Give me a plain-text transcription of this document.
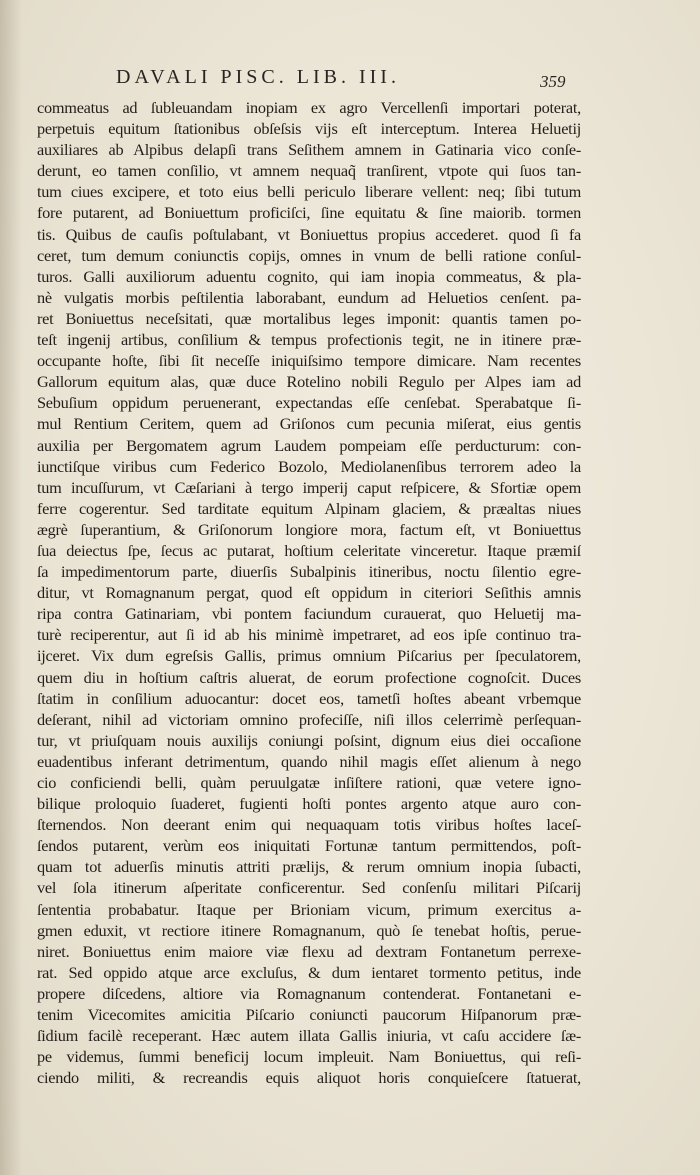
DAVALI PISC. LIB. III.	359
commeatus ad ſubleuandam inopiam ex agro Vercellenſi importari poterat,
perpetuis equitum ſtationibus obſeſsis vijs eſt interceptum. Interea Heluetij
auxiliares ab Alpibus delapſi trans Seſithem amnem in Gatinaria vico conſe-
derunt, eo tamen conſilio, vt amnem nequaq̃ tranſirent, vtpote qui ſuos tan-
tum ciues excipere, et toto eius belli periculo liberare vellent: neq; ſibi tutum
fore putarent, ad Boniuettum proficiſci, ſine equitatu & ſine maiorib. tormen
tis. Quibus de cauſis poſtulabant, vt Boniuettus propius accederet. quod ſi fa
ceret, tum demum coniunctis copijs, omnes in vnum de belli ratione conſul-
turos. Galli auxiliorum aduentu cognito, qui iam inopia commeatus, & pla-
nè vulgatis morbis peſtilentia laborabant, eundum ad Heluetios cenſent. pa-
ret Boniuettus neceſsitati, quæ mortalibus leges imponit: quantis tamen po-
teſt ingenij artibus, conſilium & tempus profectionis tegit, ne in itinere præ-
occupante hoſte, ſibi ſit neceſſe iniquiſsimo tempore dimicare. Nam recentes
Gallorum equitum alas, quæ duce Rotelino nobili Regulo per Alpes iam ad
Sebuſium oppidum peruenerant, expectandas eſſe cenſebat. Sperabatque ſi-
mul Rentium Ceritem, quem ad Griſonos cum pecunia miſerat, eius gentis
auxilia per Bergomatem agrum Laudem pompeiam eſſe perducturum: con-
iunctiſque viribus cum Federico Bozolo, Mediolanenſibus terrorem adeo la
tum incuſſurum, vt Cæſariani à tergo imperij caput reſpicere, & Sfortiæ opem
ferre cogerentur. Sed tarditate equitum Alpinam glaciem, & præaltas niues
ægrè ſuperantium, & Griſonorum longiore mora, factum eſt, vt Boniuettus
ſua deiectus ſpe, ſecus ac putarat, hoſtium celeritate vinceretur. Itaque præmiſ
ſa impedimentorum parte, diuerſis Subalpinis itineribus, noctu ſilentio egre-
ditur, vt Romagnanum pergat, quod eſt oppidum in citeriori Seſithis amnis
ripa contra Gatinariam, vbi pontem faciundum curauerat, quo Heluetij ma-
turè reciperentur, aut ſi id ab his minimè impetraret, ad eos ipſe continuo tra-
ijceret. Vix dum egreſsis Gallis, primus omnium Piſcarius per ſpeculatorem,
quem diu in hoſtium caſtris aluerat, de eorum profectione cognoſcit. Duces
ſtatim in conſilium aduocantur: docet eos, tametſi hoſtes abeant vrbemque
deſerant, nihil ad victoriam omnino profeciſſe, niſi illos celerrimè perſequan-
tur, vt priuſquam nouis auxilijs coniungi poſsint, dignum eius diei occaſione
euadentibus inferant detrimentum, quando nihil magis eſſet alienum à nego
cio conficiendi belli, quàm peruulgatæ inſiſtere rationi, quæ vetere igno-
bilique proloquio ſuaderet, fugienti hoſti pontes argento atque auro con-
ſternendos. Non deerant enim qui nequaquam totis viribus hoſtes laceſ-
ſendos putarent, verùm eos iniquitati Fortunæ tantum permittendos, poſt-
quam tot aduerſis minutis attriti prælijs, & rerum omnium inopia ſubacti,
vel ſola itinerum aſperitate conficerentur. Sed conſenſu militari Piſcarij
ſententia probabatur. Itaque per Brioniam vicum, primum exercitus a-
gmen eduxit, vt rectiore itinere Romagnanum, quò ſe tenebat hoſtis, perue-
niret. Boniuettus enim maiore viæ flexu ad dextram Fontanetum perrexe-
rat. Sed oppido atque arce excluſus, & dum ientaret tormento petitus, inde
propere diſcedens, altiore via Romagnanum contenderat. Fontanetani e-
tenim Vicecomites amicitia Piſcario coniuncti paucorum Hiſpanorum præ-
ſidium facilè receperant. Hæc autem illata Gallis iniuria, vt caſu accidere ſæ-
pe videmus, ſummi beneficij locum impleuit. Nam Boniuettus, qui reſi-
ciendo militi, & recreandis equis aliquot horis conquieſcere ſtatuerat,
